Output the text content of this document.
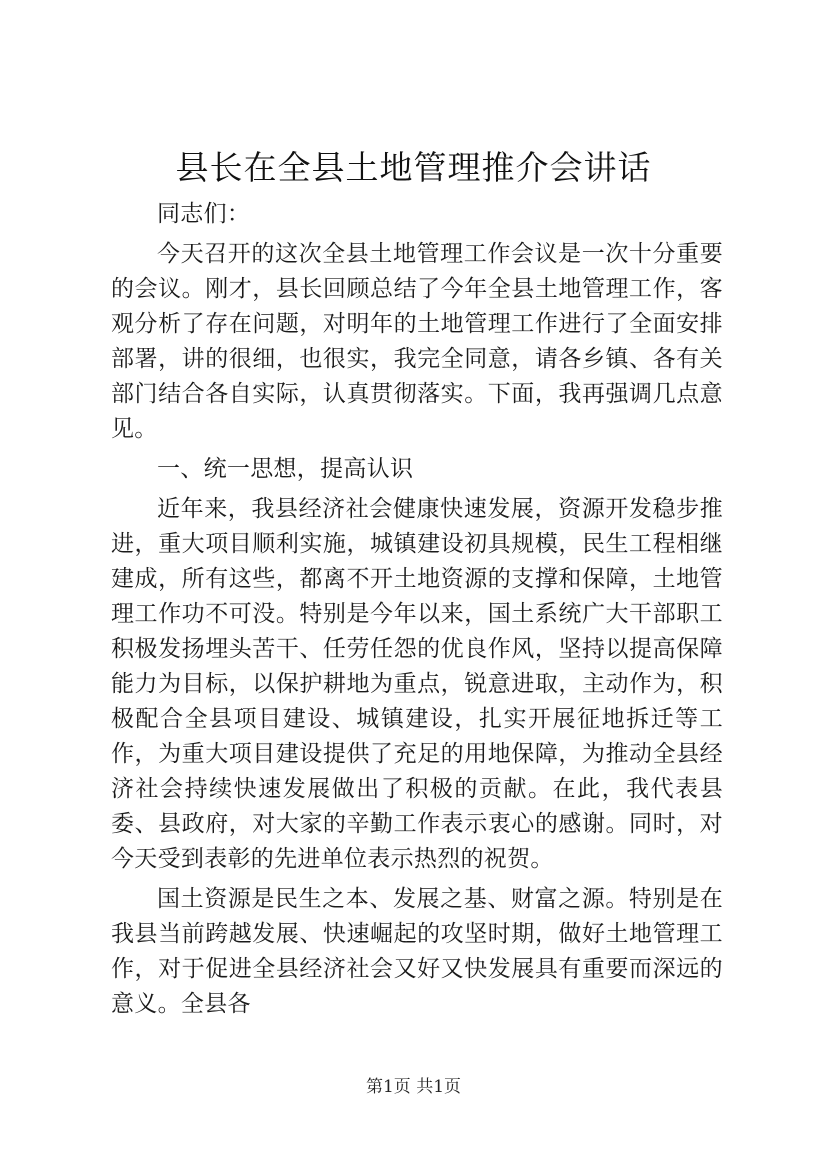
县长在全县土地管理推介会讲话

同志们：

今天召开的这次全县土地管理工作会议是一次十分重要的会议。刚才，县长回顾总结了今年全县土地管理工作，客观分析了存在问题，对明年的土地管理工作进行了全面安排部署，讲的很细，也很实，我完全同意，请各乡镇、各有关部门结合各自实际，认真贯彻落实。下面，我再强调几点意见。

一、统一思想，提高认识

近年来，我县经济社会健康快速发展，资源开发稳步推进，重大项目顺利实施，城镇建设初具规模，民生工程相继建成，所有这些，都离不开土地资源的支撑和保障，土地管理工作功不可没。特别是今年以来，国土系统广大干部职工积极发扬埋头苦干、任劳任怨的优良作风，坚持以提高保障能力为目标，以保护耕地为重点，锐意进取，主动作为，积极配合全县项目建设、城镇建设，扎实开展征地拆迁等工作，为重大项目建设提供了充足的用地保障，为推动全县经济社会持续快速发展做出了积极的贡献。在此，我代表县委、县政府，对大家的辛勤工作表示衷心的感谢。同时，对今天受到表彰的先进单位表示热烈的祝贺。

国土资源是民生之本、发展之基、财富之源。特别是在我县当前跨越发展、快速崛起的攻坚时期，做好土地管理工作，对于促进全县经济社会又好又快发展具有重要而深远的意义。全县各

第1页 共1页
